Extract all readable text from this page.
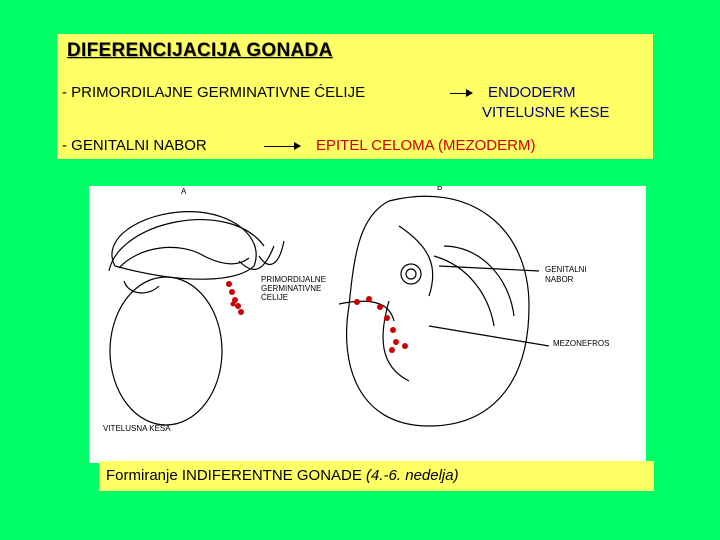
DIFERENCIJACIJA GONADA
- PRIMORDILAJNE GERMINATIVNE ĆELIJE	ENDODERM
VITELUSNE KESE
- GENITALNI NABOR	EPITEL CELOMA (MEZODERM)
A
PRIMORDIJALNE
GERMINATIVNE
ĆELIJE
VITELUSNA KESA
B
GENITALNI
NABOR
MEZONEFROS
Formiranje INDIFERENTNE GONADE (4.-6. nedelja)
